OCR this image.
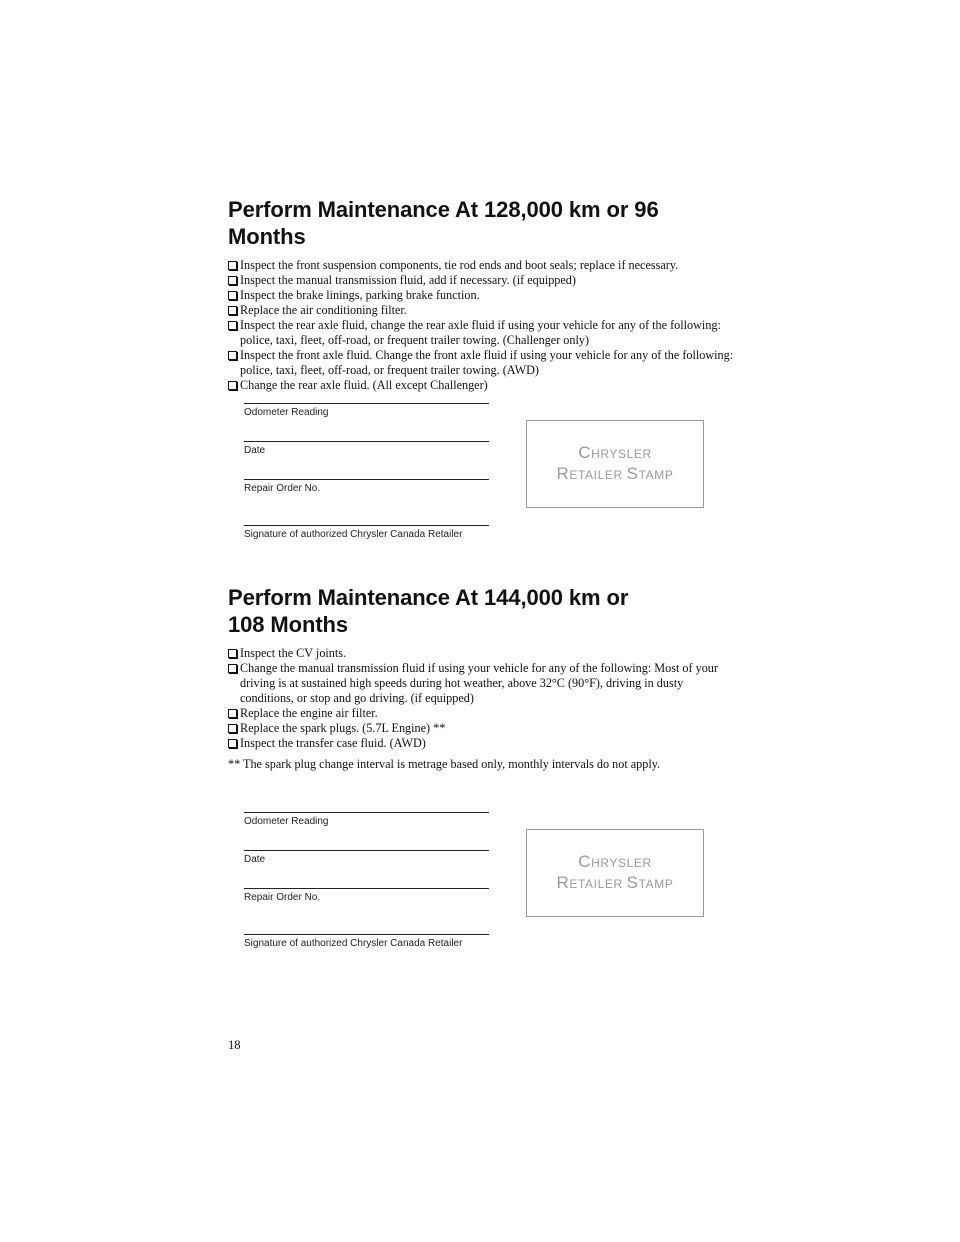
Perform Maintenance At 128,000 km or 96 Months
Inspect the front suspension components, tie rod ends and boot seals; replace if necessary.
Inspect the manual transmission fluid, add if necessary. (if equipped)
Inspect the brake linings, parking brake function.
Replace the air conditioning filter.
Inspect the rear axle fluid, change the rear axle fluid if using your vehicle for any of the following: police, taxi, fleet, off-road, or frequent trailer towing. (Challenger only)
Inspect the front axle fluid. Change the front axle fluid if using your vehicle for any of the following: police, taxi, fleet, off-road, or frequent trailer towing. (AWD)
Change the rear axle fluid. (All except Challenger)
Odometer Reading
Date
Repair Order No.
Signature of authorized Chrysler Canada Retailer
CHRYSLER
RETAILER STAMP
Perform Maintenance At 144,000 km or 108 Months
Inspect the CV joints.
Change the manual transmission fluid if using your vehicle for any of the following: Most of your driving is at sustained high speeds during hot weather, above 32°C (90°F), driving in dusty conditions, or stop and go driving. (if equipped)
Replace the engine air filter.
Replace the spark plugs. (5.7L Engine) **
Inspect the transfer case fluid. (AWD)
** The spark plug change interval is metrage based only, monthly intervals do not apply.
Odometer Reading
Date
Repair Order No.
Signature of authorized Chrysler Canada Retailer
CHRYSLER
RETAILER STAMP
18
